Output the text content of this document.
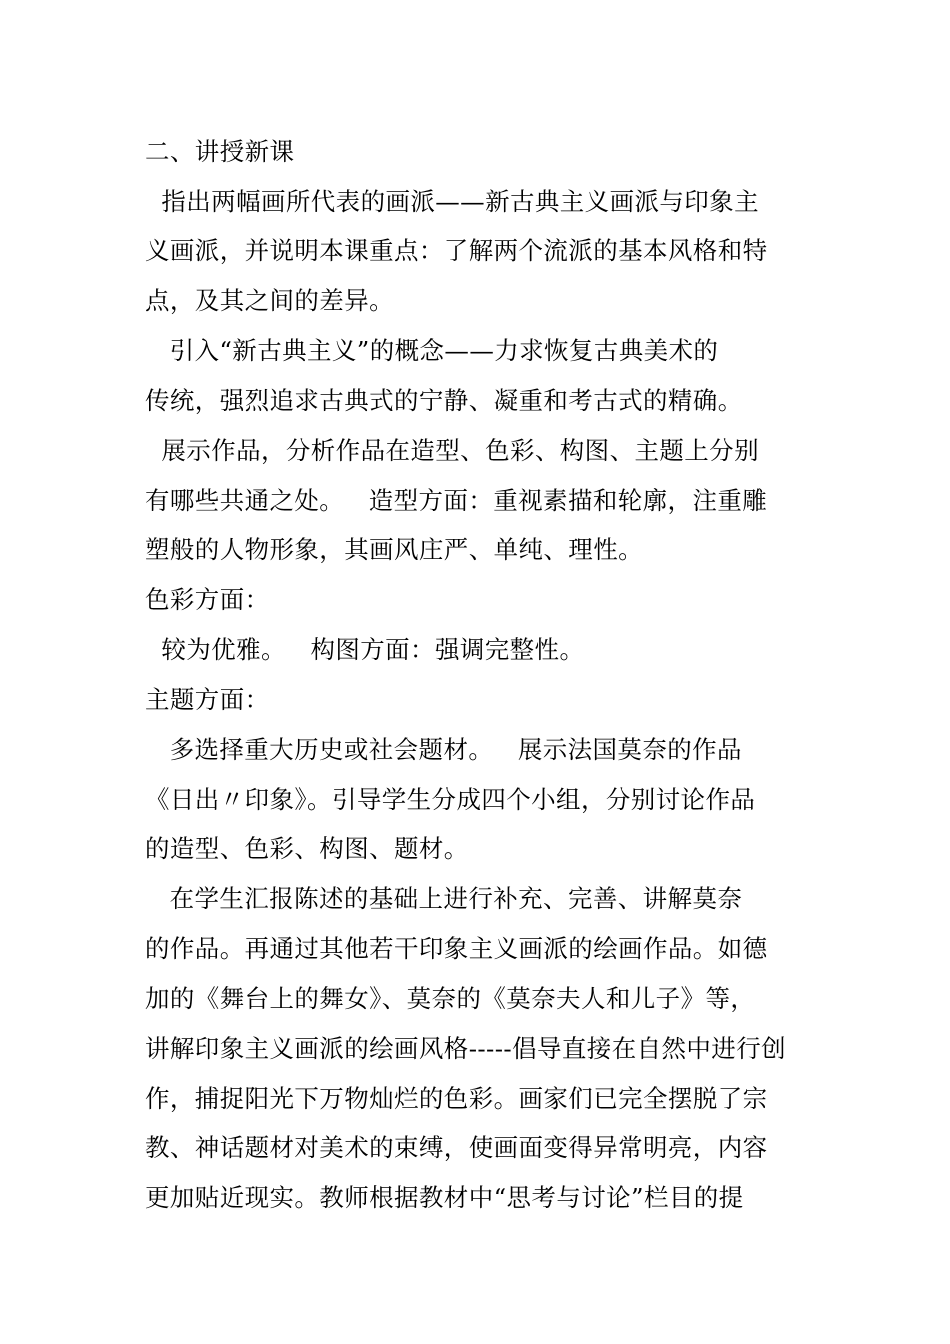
二、讲授新课
指出两幅画所代表的画派——新古典主义画派与印象主
义画派，并说明本课重点：了解两个流派的基本风格和特
点，及其之间的差异。
引入“新古典主义”的概念——力求恢复古典美术的
传统，强烈追求古典式的宁静、凝重和考古式的精确。
展示作品，分析作品在造型、色彩、构图、主题上分别
有哪些共通之处。   造型方面：重视素描和轮廓，注重雕
塑般的人物形象，其画风庄严、单纯、理性。
色彩方面：
较为优雅。   构图方面：强调完整性。
主题方面：
多选择重大历史或社会题材。   展示法国莫奈的作品
《日出〃印象》。引导学生分成四个小组，分别讨论作品
的造型、色彩、构图、题材。
在学生汇报陈述的基础上进行补充、完善、讲解莫奈
的作品。再通过其他若干印象主义画派的绘画作品。如德
加的《舞台上的舞女》、莫奈的《莫奈夫人和儿子》等，
讲解印象主义画派的绘画风格-----倡导直接在自然中进行创
作，捕捉阳光下万物灿烂的色彩。画家们已完全摆脱了宗
教、神话题材对美术的束缚，使画面变得异常明亮，内容
更加贴近现实。教师根据教材中“思考与讨论”栏目的提
